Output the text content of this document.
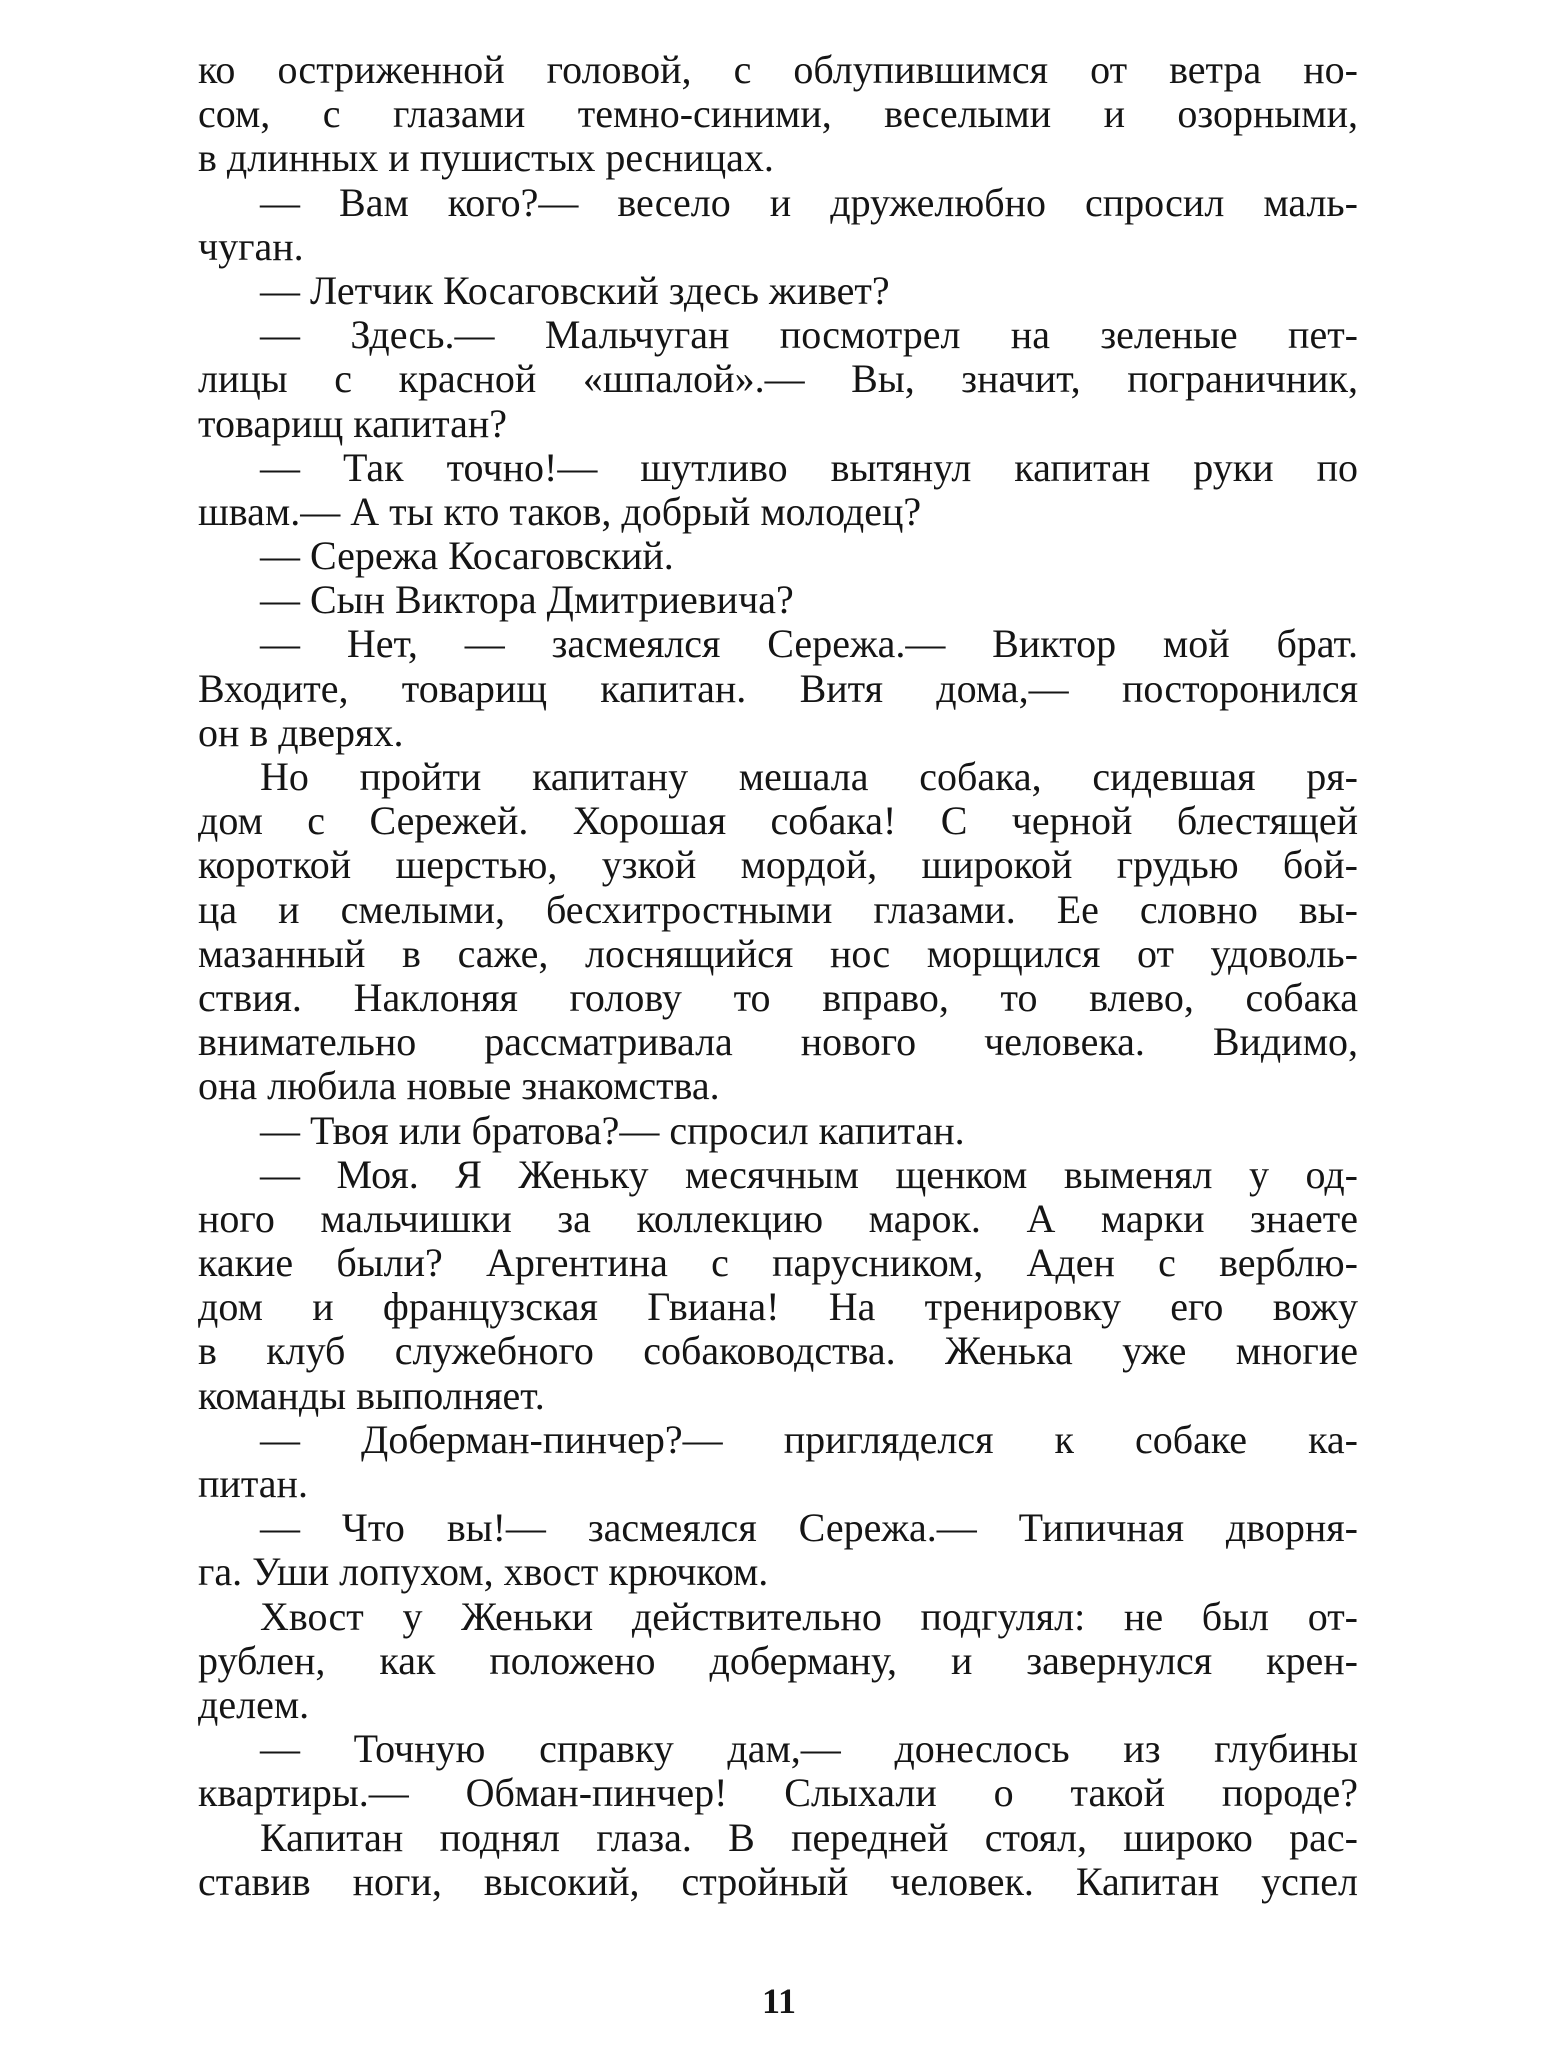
ко остриженной головой, с облупившимся от ветра но-
сом, с глазами темно-синими, веселыми и озорными,
в длинных и пушистых ресницах.
— Вам кого?— весело и дружелюбно спросил маль-
чуган.
— Летчик Косаговский здесь живет?
— Здесь.— Мальчуган посмотрел на зеленые пет-
лицы с красной «шпалой».— Вы, значит, пограничник,
товарищ капитан?
— Так точно!— шутливо вытянул капитан руки по
швам.— А ты кто таков, добрый молодец?
— Сережа Косаговский.
— Сын Виктора Дмитриевича?
— Нет, — засмеялся Сережа.— Виктор мой брат.
Входите, товарищ капитан. Витя дома,— посторонился
он в дверях.
Но пройти капитану мешала собака, сидевшая ря-
дом с Сережей. Хорошая собака! С черной блестящей
короткой шерстью, узкой мордой, широкой грудью бой-
ца и смелыми, бесхитростными глазами. Ее словно вы-
мазанный в саже, лоснящийся нос морщился от удоволь-
ствия. Наклоняя голову то вправо, то влево, собака
внимательно рассматривала нового человека. Видимо,
она любила новые знакомства.
— Твоя или братова?— спросил капитан.
— Моя. Я Женьку месячным щенком выменял у од-
ного мальчишки за коллекцию марок. А марки знаете
какие были? Аргентина с парусником, Аден с верблю-
дом и французская Гвиана! На тренировку его вожу
в клуб служебного собаководства. Женька уже многие
команды выполняет.
— Доберман-пинчер?— пригляделся к собаке ка-
питан.
— Что вы!— засмеялся Сережа.— Типичная дворня-
га. Уши лопухом, хвост крючком.
Хвост у Женьки действительно подгулял: не был от-
рублен, как положено доберману, и завернулся крен-
делем.
— Точную справку дам,— донеслось из глубины
квартиры.— Обман-пинчер! Слыхали о такой породе?
Капитан поднял глаза. В передней стоял, широко рас-
ставив ноги, высокий, стройный человек. Капитан успел
11
